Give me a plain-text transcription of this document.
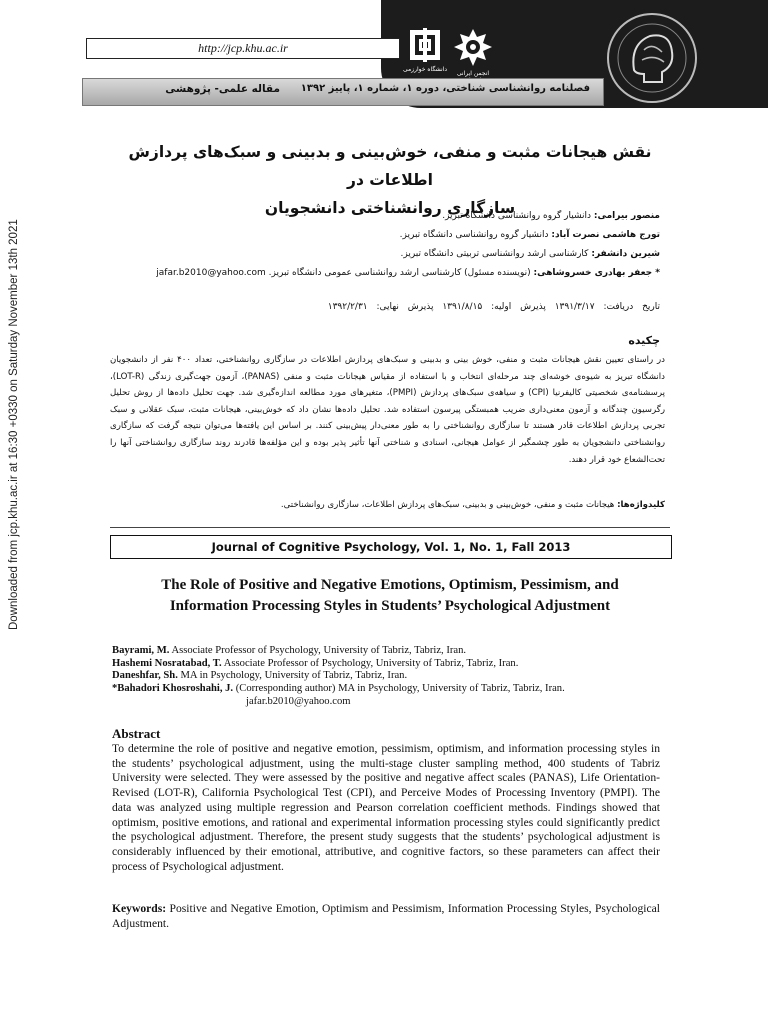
http://jcp.khu.ac.ir
دانشگاه خوارزمی
انجمن ایرانی
فصلنامه روانشناسی شناختی، دوره ۱، شماره ۱، پاییز ۱۳۹۲
مقاله علمی- پژوهشی
Downloaded from jcp.khu.ac.ir at 16:30 +0330 on Saturday November 13th 2021
نقش هیجانات مثبت و منفی، خوش‌بینی و بدبینی و سبک‌های پردازش اطلاعات در
سازگاری روانشناختی دانشجویان	منصور بیرامی: دانشیار گروه روانشناسی دانشگاه تبریز.
تورج هاشمی نصرت آباد: دانشیار گروه روانشناسی دانشگاه تبریز.
شیرین دانشفر: کارشناسی ارشد روانشناسی تربیتی دانشگاه تبریز.
* جعفر بهادری خسروشاهی: (نویسنده مسئول) کارشناسی ارشد روانشناسی عمومی دانشگاه تبریز. jafar.b2010@yahoo.com
تاریخ دریافت: ۱۳۹۱/۳/۱۷ پذیرش اولیه: ۱۳۹۱/۸/۱۵ پذیرش نهایی: ۱۳۹۲/۲/۳۱
چکیده
در راستای تعیین نقش هیجانات مثبت و منفی، خوش بینی و بدبینی و سبک‌های پردازش اطلاعات در سازگاری روانشناختی، تعداد ۴۰۰ نفر از دانشجویان دانشگاه تبریز به شیوه‌ی خوشه‌ای چند مرحله‌ای انتخاب و با استفاده از مقیاس هیجانات مثبت و منفی (PANAS)، آزمون جهت‌گیری زندگی (LOT-R)، پرسشنامه‌ی شخصیتی کالیفرنیا (CPI) و سیاهه‌ی سبک‌های پردازش (PMPI)، متغیرهای مورد مطالعه اندازه‌گیری شد. جهت تحلیل داده‌ها از روش تحلیل رگرسیون چندگانه و آزمون معنی‌داری ضریب همبستگی پیرسون استفاده شد. تحلیل داده‌ها نشان داد که خوش‌بینی، هیجانات مثبت، سبک عقلانی و سبک تجربی پردازش اطلاعات قادر هستند تا سازگاری روانشناختی را به طور معنی‌دار پیش‌بینی کنند. بر اساس این یافته‌ها می‌توان نتیجه گرفت که سازگاری روانشناختی دانشجویان به طور چشمگیر از عوامل هیجانی، اسنادی و شناختی آنها تأثیر پذیر بوده و این مؤلفه‌ها قادرند روند سازگاری روانشناختی آنها را تحت‌الشعاع خود قرار دهند.
کلیدواژه‌ها: هیجانات مثبت و منفی، خوش‌بینی و بدبینی، سبک‌های پردازش اطلاعات، سازگاری روانشناختی.
Journal of Cognitive Psychology, Vol. 1, No. 1, Fall 2013
The Role of Positive and Negative Emotions, Optimism, Pessimism, and
Information Processing Styles in Students’ Psychological Adjustment
Bayrami, M. Associate Professor of Psychology, University of Tabriz, Tabriz, Iran.
Hashemi Nosratabad, T. Associate Professor of Psychology, University of Tabriz, Tabriz, Iran.
Daneshfar, Sh. MA in Psychology, University of Tabriz, Tabriz, Iran.
*Bahadori Khosroshahi, J. (Corresponding author) MA in Psychology, University of Tabriz, Tabriz, Iran.
jafar.b2010@yahoo.com
Abstract
To determine the role of positive and negative emotion, pessimism, optimism, and information processing styles in the students’ psychological adjustment, using the multi-stage cluster sampling method, 400 students of Tabriz University were selected. They were assessed by the positive and negative affect scales (PANAS), Life Orientation-Revised (LOT-R), California Psychological Test (CPI), and Perceive Modes of Processing Inventory (PMPI). The data was analyzed using multiple regression and Pearson correlation coefficient methods. Findings showed that optimism, positive emotions, and rational and experimental information processing styles could significantly predict the psychological adjustment. Therefore, the present study suggests that the students’ psychological adjustment is considerably influenced by their emotional, attributive, and cognitive factors, so these parameters can affect their process of Psychological adjustment.
Keywords: Positive and Negative Emotion, Optimism and Pessimism, Information Processing Styles, Psychological Adjustment.
